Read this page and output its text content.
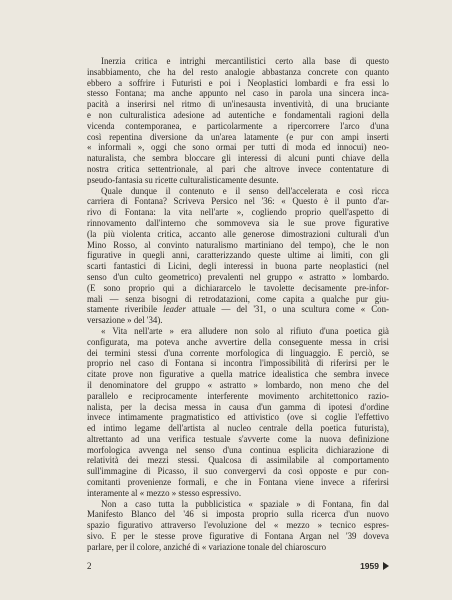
Inerzia critica e intrighi mercantilistici certo alla base di questo
insabbiamento, che ha del resto analogie abbastanza concrete con quanto
ebbero a soffrire i Futuristi e poi i Neoplastici lombardi e fra essi lo
stesso Fontana; ma anche appunto nel caso in parola una sincera inca-
pacità a inserirsi nel ritmo di un'inesausta inventività, di una bruciante
e non culturalistica adesione ad autentiche e fondamentali ragioni della
vicenda contemporanea, e particolarmente a ripercorrere l'arco d'una
così repentina diversione da un'area latamente (e pur con ampi inserti
« informali », oggi che sono ormai per tutti di moda ed innocui) neo-
naturalista, che sembra bloccare gli interessi di alcuni punti chiave della
nostra critica settentrionale, al pari che altrove invece contentature di
pseudo-fantasia su ricette culturalisticamente desunte.

Quale dunque il contenuto e il senso dell'accelerata e così ricca
carriera di Fontana? Scriveva Persico nel '36: « Questo è il punto d'ar-
rivo di Fontana: la vita nell'arte », cogliendo proprio quell'aspetto di
rinnovamento dall'interno che sommoveva sia le sue prove figurative
(la più violenta critica, accanto alle generose dimostrazioni culturali d'un
Mino Rosso, al convinto naturalismo martiniano del tempo), che le non
figurative in quegli anni, caratterizzando queste ultime ai limiti, con gli
scarti fantastici di Licini, degli interessi in buona parte neoplastici (nel
senso d'un culto geometrico) prevalenti nel gruppo « astratto » lombardo.
(E sono proprio qui a dichiararcelo le tavolette decisamente pre-infor-
mali — senza bisogni di retrodatazioni, come capita a qualche pur giu-
stamente riveribile leader attuale — del '31, o una scultura come « Con-
versazione » del '34).

« Vita nell'arte » era alludere non solo al rifiuto d'una poetica già
configurata, ma poteva anche avvertire della conseguente messa in crisi
dei termini stessi d'una corrente morfologica di linguaggio. E perciò, se
proprio nel caso di Fontana si incontra l'impossibilità di riferirsi per le
citate prove non figurative a quella matrice idealistica che sembra invece
il denominatore del gruppo « astratto » lombardo, non meno che del
parallelo e reciprocamente interferente movimento architettonico razio-
nalista, per la decisa messa in causa d'un gamma di ipotesi d'ordine
invece intimamente pragmatistico ed attivistico (ove si coglie l'effettivo
ed intimo legame dell'artista al nucleo centrale della poetica futurista),
altrettanto ad una verifica testuale s'avverte come la nuova definizione
morfologica avvenga nel senso d'una continua esplicita dichiarazione di
relatività dei mezzi stessi. Qualcosa di assimilabile al comportamento
sull'immagine di Picasso, il suo convergervi da così opposte e pur con-
comitanti provenienze formali, e che in Fontana viene invece a riferirsi
interamente al « mezzo » stesso espressivo.

Non a caso tutta la pubblicistica « spaziale » di Fontana, fin dal
Manifesto Blanco del '46 si imposta proprio sulla ricerca d'un nuovo
spazio figurativo attraverso l'evoluzione del « mezzo » tecnico espres-
sivo. E per le stesse prove figurative di Fontana Argan nel '39 doveva
parlare, per il colore, anziché di « variazione tonale del chiaroscuro

2	1959
